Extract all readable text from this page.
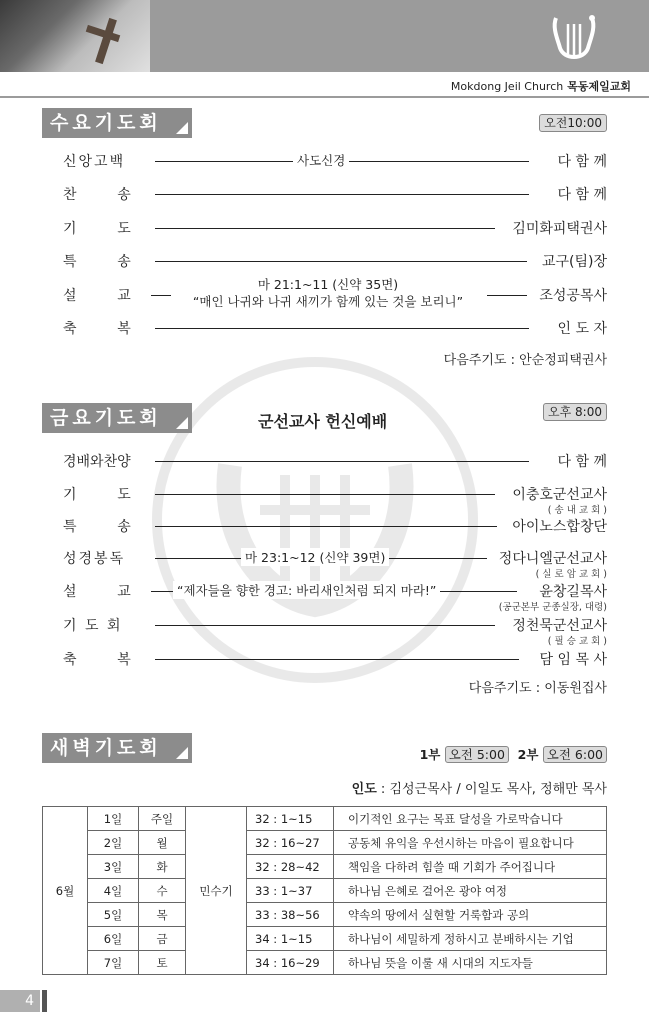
Mokdong Jeil Church 목동제일교회
수요기도회	오전10:00
신앙고백	사도신경	다 함 께
찬      송	다 함 께
기      도	김미화피택권사
특      송	교구(팀)장
설      교	조성공목사
마 21:1~11 (신약 35면)
“매인 나귀와 나귀 새끼가 함께 있는 것을 보리니”
축      복	인 도 자
다음주기도 : 안순정피택권사
금요기도회	군선교사 헌신예배	오후 8:00
경배와찬양	다 함 께
기      도	이충호군선교사
( 송 내 교 회 )
특      송	아이노스합창단
성경봉독	마 23:1~12 (신약 39면)	정다니엘군선교사
( 실 로 암 교 회 )
설      교	“제자들을 향한 경고: 바리새인처럼 되지 마라!”	윤창길목사
(공군본부 군종실장, 대령)
기 도 회	정천묵군선교사
( 필 승 교 회 )
축      복	담 임 목 사
다음주기도 : 이동원집사
새벽기도회	1부 오전 5:00 2부 오전 6:00
인도 : 김성근목사 / 이일도 목사, 정해만 목사
6월	1일	주일	민수기	32 : 1~15	이기적인 요구는 목표 달성을 가로막습니다
	2일	월		32 : 16~27	공동체 유익을 우선시하는 마음이 필요합니다
	3일	화		32 : 28~42	책임을 다하려 힘쓸 때 기회가 주어집니다
	4일	수		33 : 1~37	하나님 은혜로 걸어온 광야 여정
	5일	목		33 : 38~56	약속의 땅에서 실현할 거룩함과 공의
	6일	금		34 : 1~15	하나님이 세밀하게 정하시고 분배하시는 기업
	7일	토		34 : 16~29	하나님 뜻을 이룰 새 시대의 지도자들
4
